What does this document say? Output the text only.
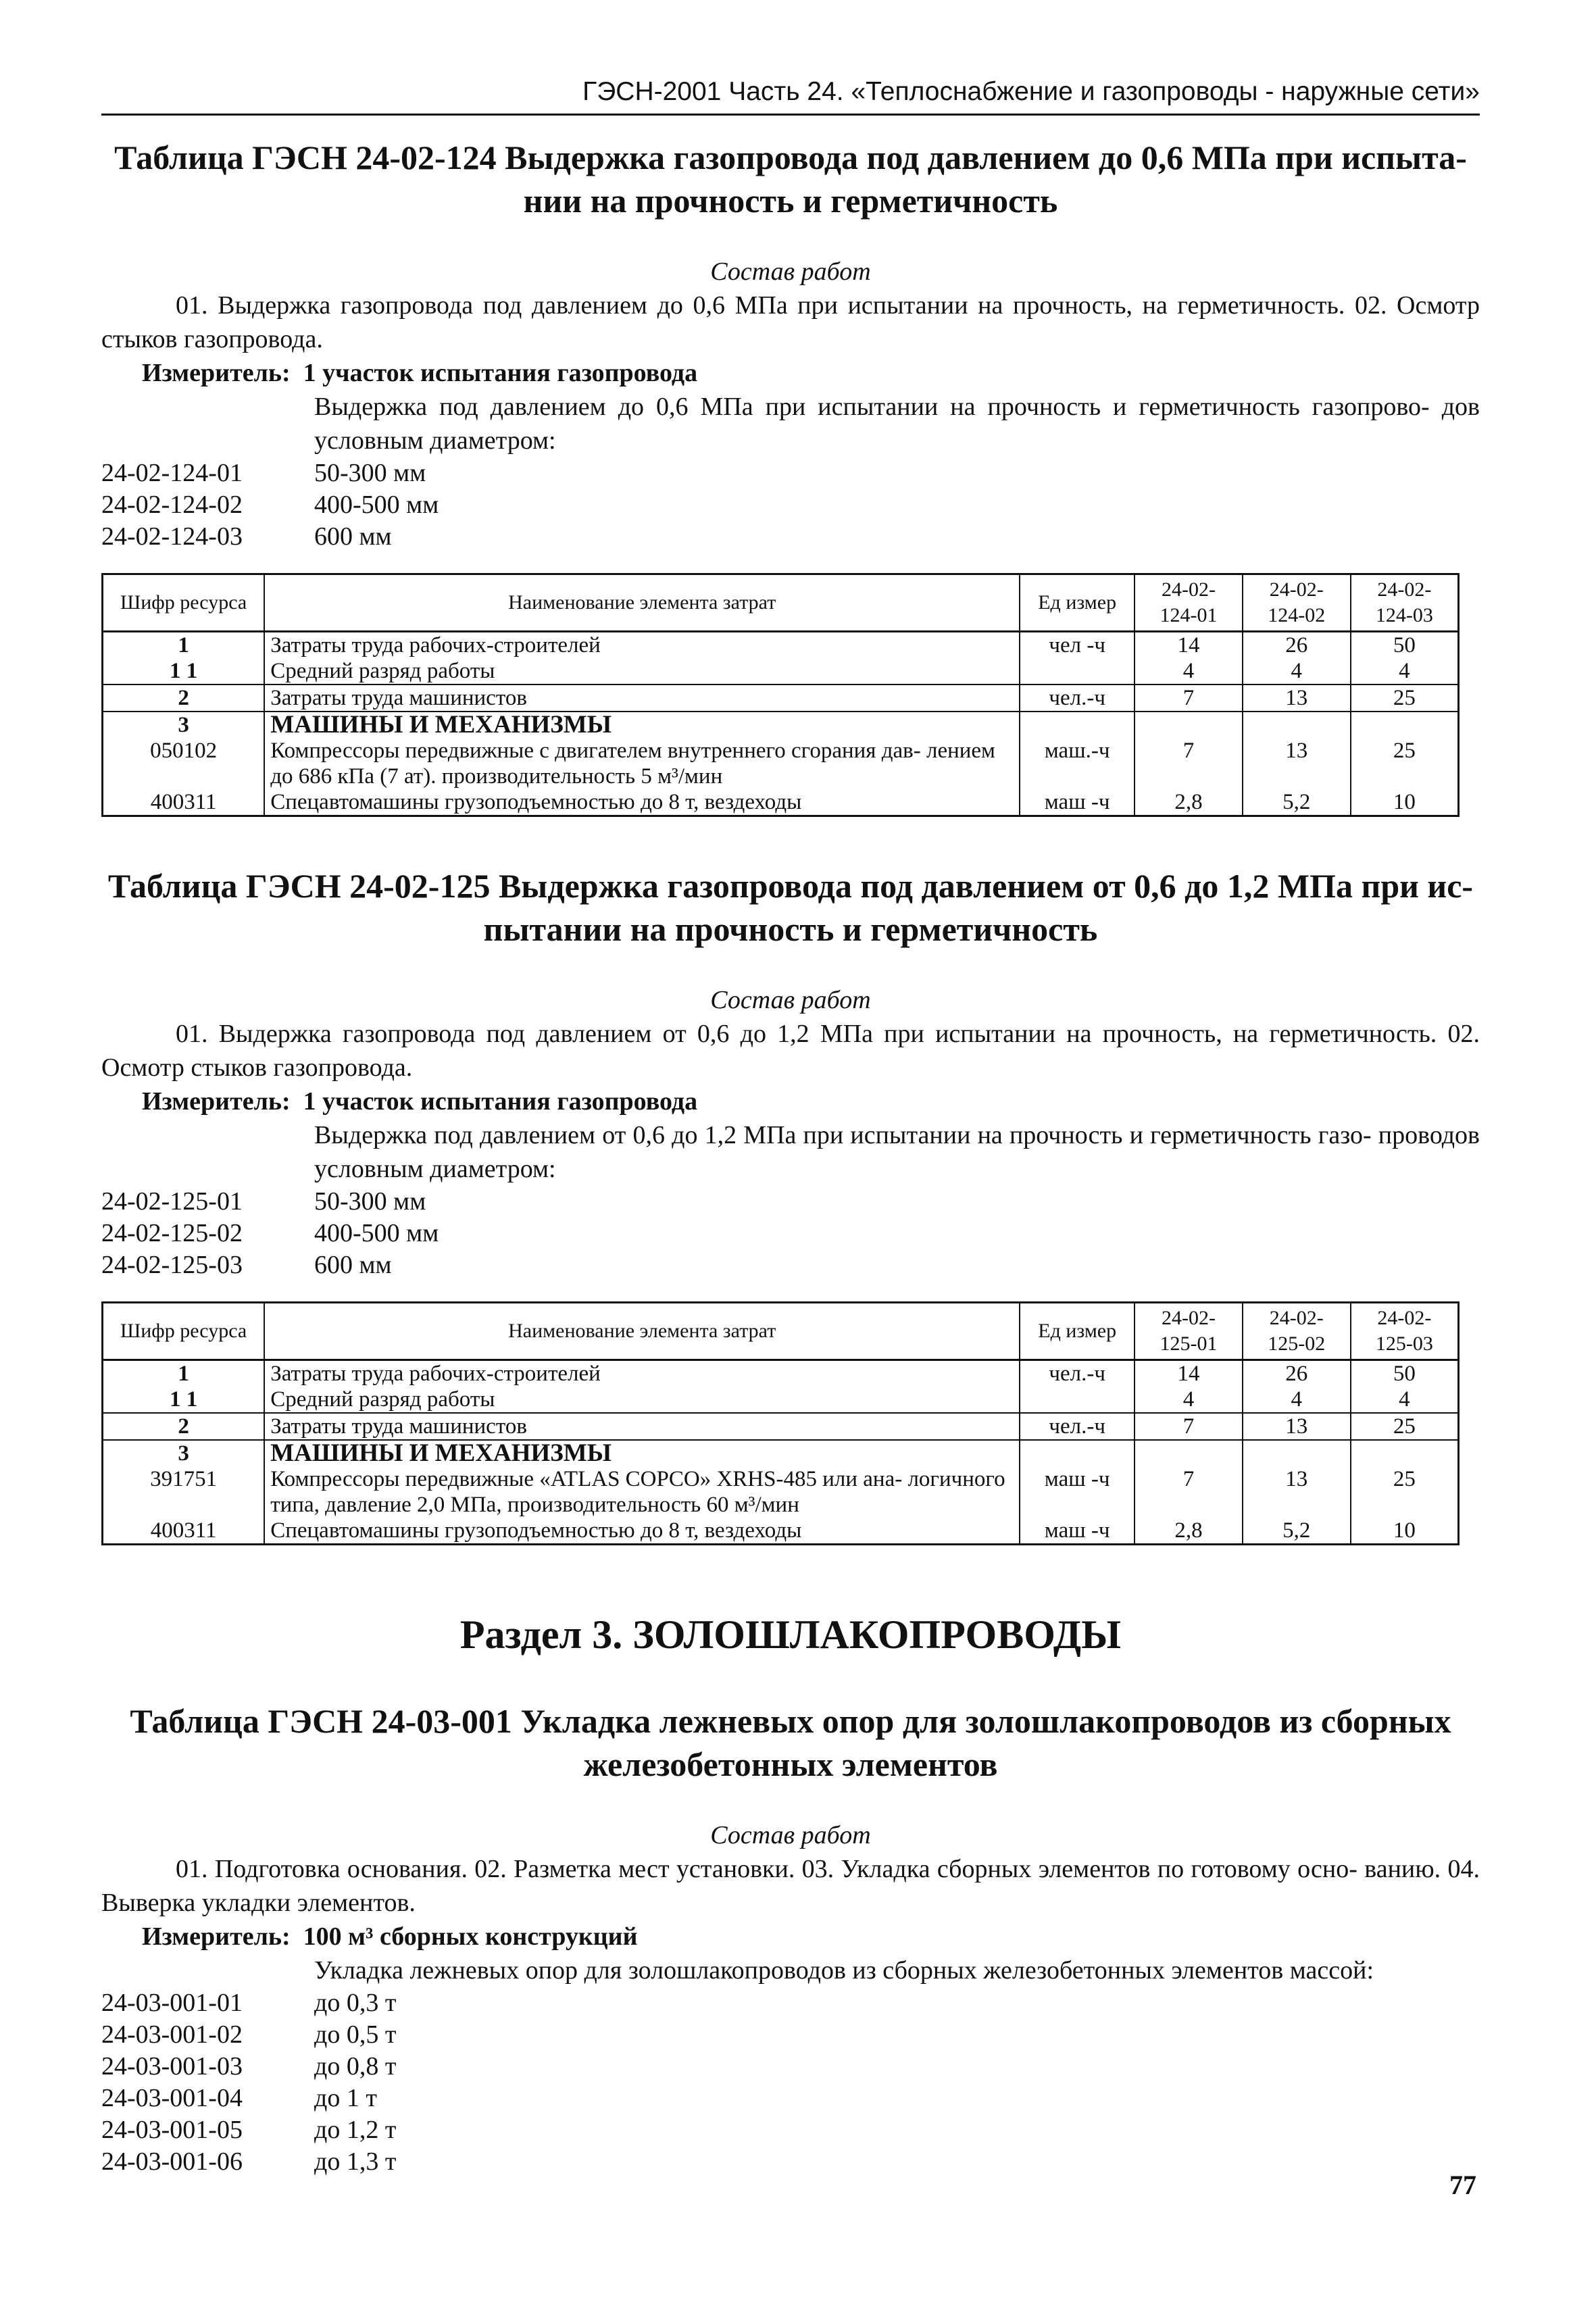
ГЭСН-2001 Часть 24. «Теплоснабжение и газопроводы - наружные сети»
Таблица ГЭСН 24-02-124 Выдержка газопровода под давлением до 0,6 МПа при испыта- нии на прочность и герметичность
Состав работ
01. Выдержка газопровода под давлением до 0,6 МПа при испытании на прочность, на герметичность. 02. Осмотр стыков газопровода.
Измеритель: 1 участок испытания газопровода
Выдержка под давлением до 0,6 МПа при испытании на прочность и герметичность газопрово- дов условным диаметром:
24-02-124-01	50-300 мм
24-02-124-02	400-500 мм
24-02-124-03	600 мм
Шифр ресурса	Наименование элемента затрат	Ед измер	24-02- 124-01	24-02- 124-02	24-02- 124-03
1	Затраты труда рабочих-строителей	чел -ч	14	26	50
1 1	Средний разряд работы		4	4	4
2	Затраты труда машинистов	чел.-ч	7	13	25
3	МАШИНЫ И МЕХАНИЗМЫ				
050102	Компрессоры передвижные с двигателем внутреннего сгорания дав- лением до 686 кПа (7 ат). производительность 5 м³/мин	маш.-ч	7	13	25
400311	Спецавтомашины грузоподъемностью до 8 т, вездеходы	маш -ч	2,8	5,2	10
Таблица ГЭСН 24-02-125 Выдержка газопровода под давлением от 0,6 до 1,2 МПа при ис- пытании на прочность и герметичность
Состав работ
01. Выдержка газопровода под давлением от 0,6 до 1,2 МПа при испытании на прочность, на герметичность. 02. Осмотр стыков газопровода.
Измеритель: 1 участок испытания газопровода
Выдержка под давлением от 0,6 до 1,2 МПа при испытании на прочность и герметичность газо- проводов условным диаметром:
24-02-125-01	50-300 мм
24-02-125-02	400-500 мм
24-02-125-03	600 мм
Шифр ресурса	Наименование элемента затрат	Ед измер	24-02- 125-01	24-02- 125-02	24-02- 125-03
1	Затраты труда рабочих-строителей	чел.-ч	14	26	50
1 1	Средний разряд работы		4	4	4
2	Затраты труда машинистов	чел.-ч	7	13	25
3	МАШИНЫ И МЕХАНИЗМЫ				
391751	Компрессоры передвижные «ATLAS COPCO» XRHS-485 или ана- логичного типа, давление 2,0 МПа, производительность 60 м³/мин	маш -ч	7	13	25
400311	Спецавтомашины грузоподъемностью до 8 т, вездеходы	маш -ч	2,8	5,2	10
Раздел 3. ЗОЛОШЛАКОПРОВОДЫ
Таблица ГЭСН 24-03-001 Укладка лежневых опор для золошлакопроводов из сборных железобетонных элементов
Состав работ
01. Подготовка основания. 02. Разметка мест установки. 03. Укладка сборных элементов по готовому осно- ванию. 04. Выверка укладки элементов.
Измеритель: 100 м³ сборных конструкций
Укладка лежневых опор для золошлакопроводов из сборных железобетонных элементов массой:
24-03-001-01	до 0,3 т
24-03-001-02	до 0,5 т
24-03-001-03	до 0,8 т
24-03-001-04	до 1 т
24-03-001-05	до 1,2 т
24-03-001-06	до 1,3 т
77
